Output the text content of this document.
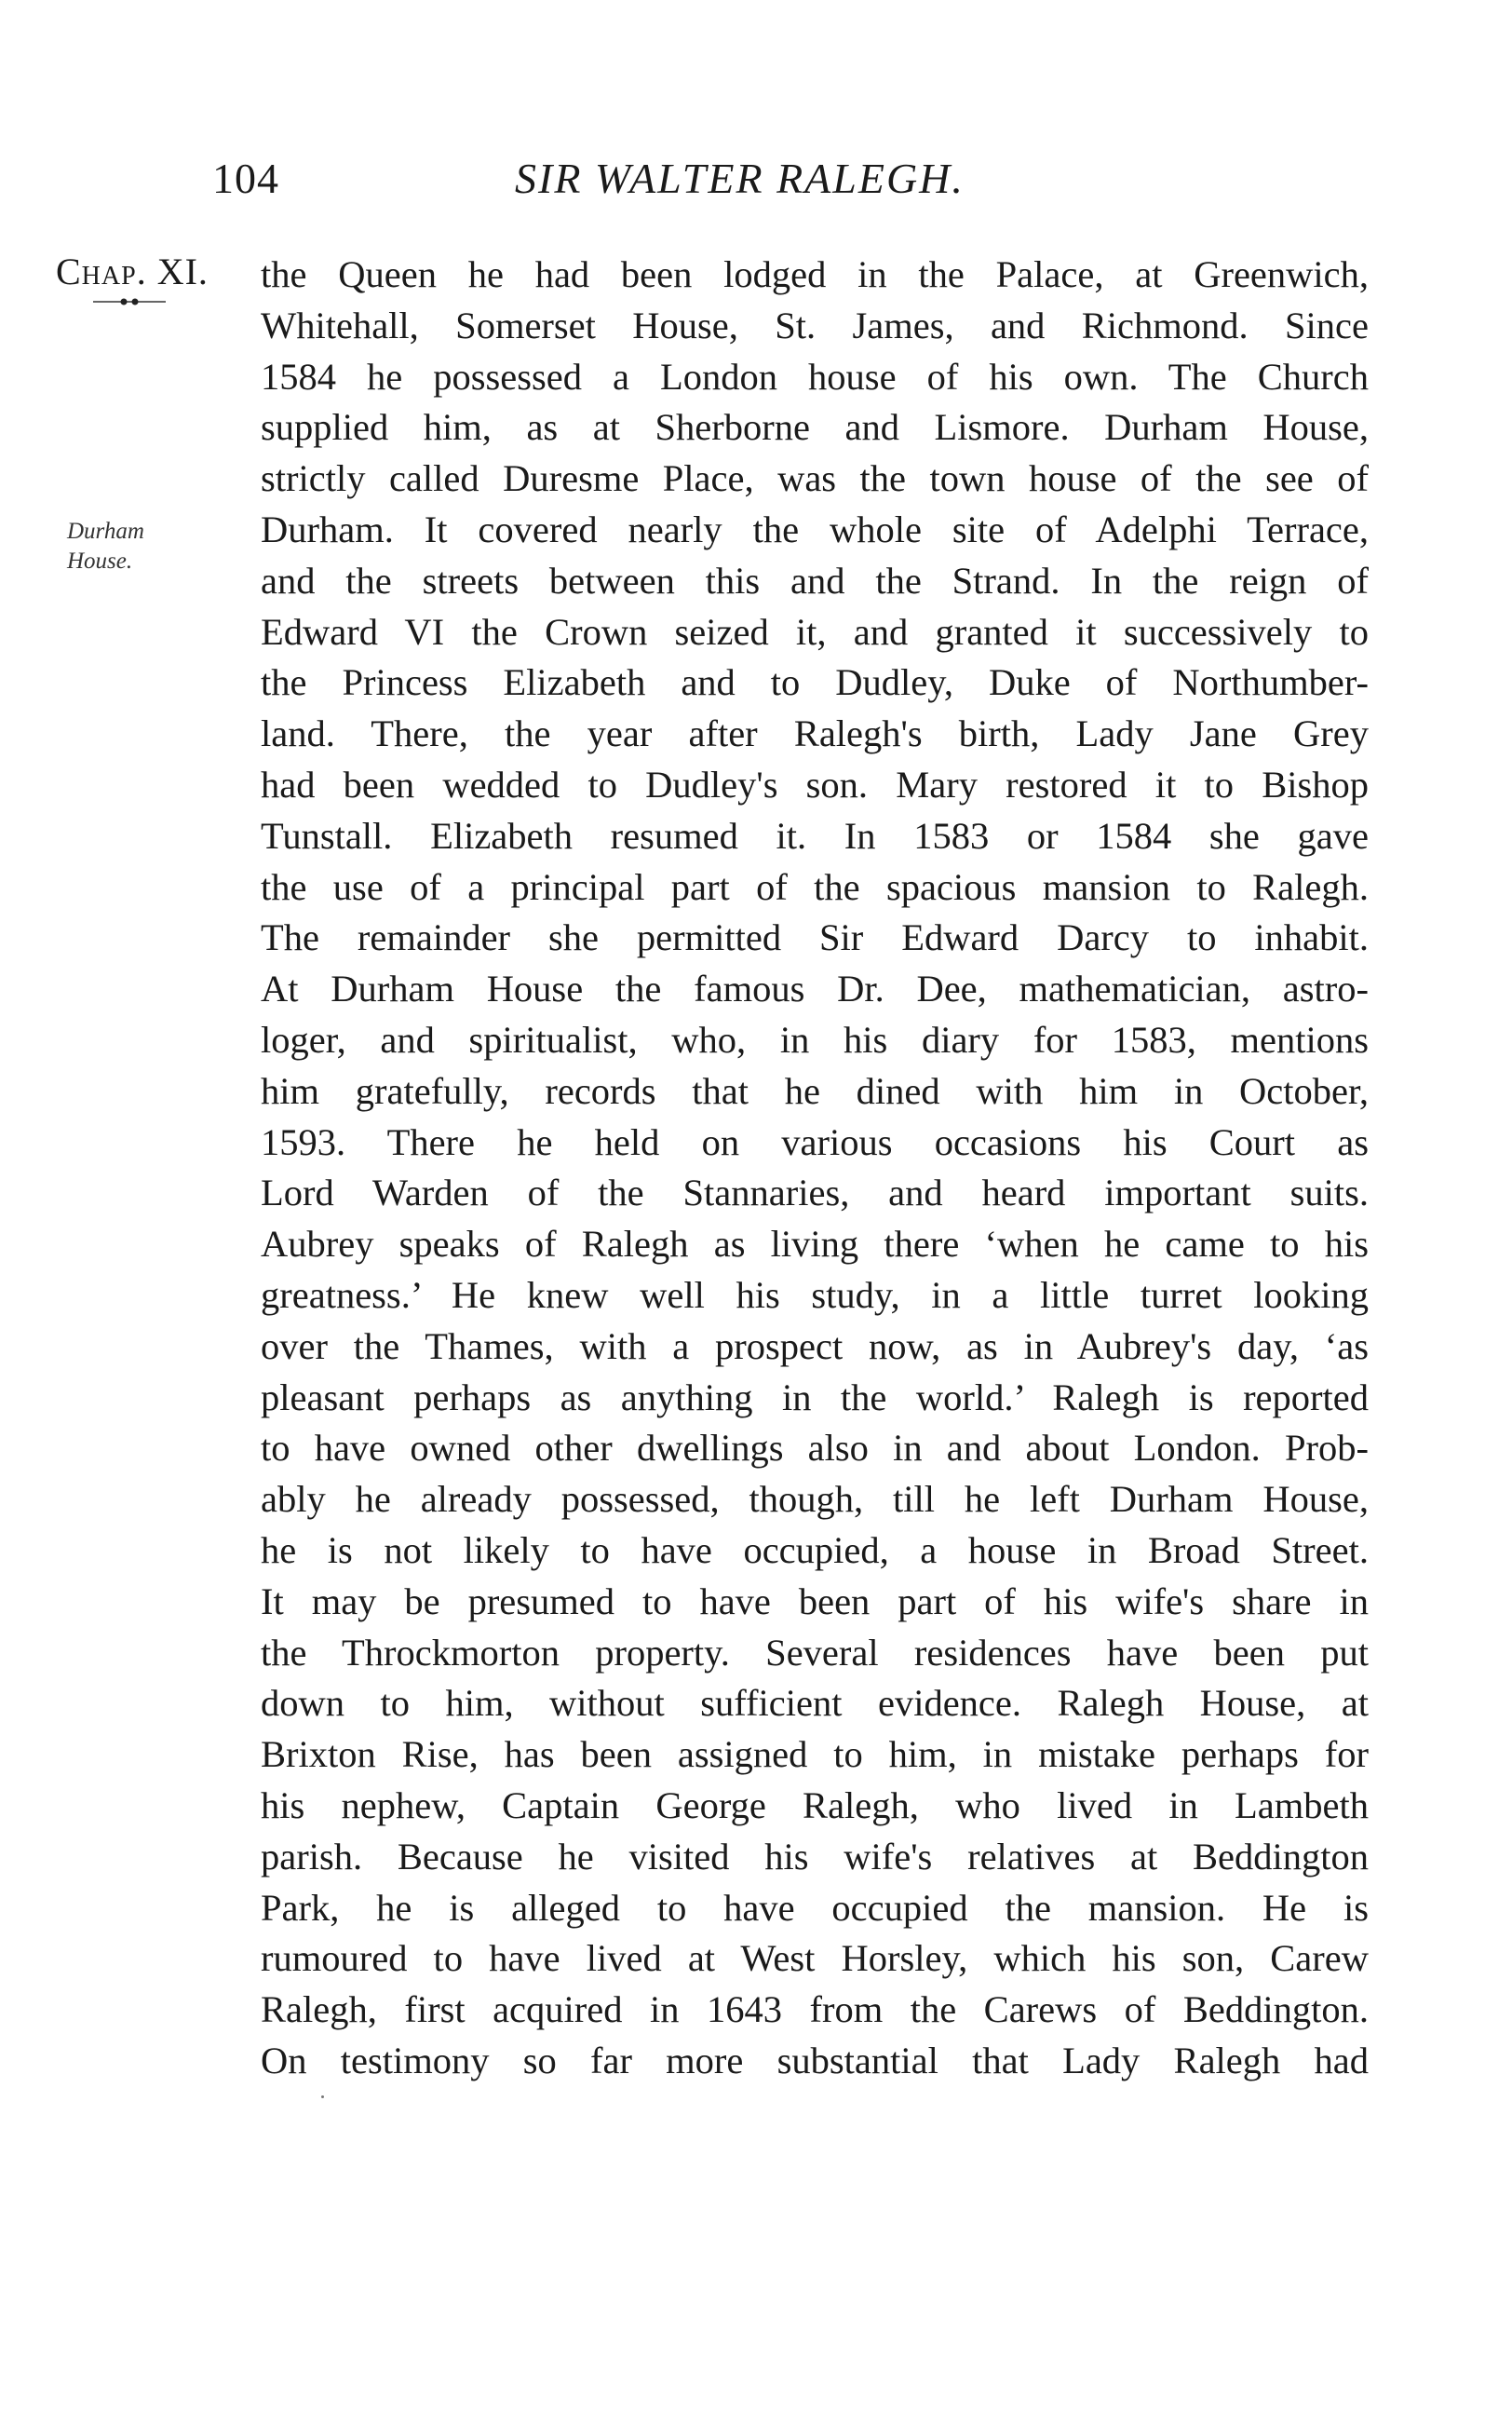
104	SIR WALTER RALEGH.
Chap. XI.
Durham
House.
the Queen he had been lodged in the Palace, at Greenwich,
Whitehall, Somerset House, St. James, and Richmond. Since
1584 he possessed a London house of his own. The Church
supplied him, as at Sherborne and Lismore. Durham House,
strictly called Duresme Place, was the town house of the see of
Durham. It covered nearly the whole site of Adelphi Terrace,
and the streets between this and the Strand. In the reign of
Edward VI the Crown seized it, and granted it successively to
the Princess Elizabeth and to Dudley, Duke of Northumber-
land. There, the year after Ralegh's birth, Lady Jane Grey
had been wedded to Dudley's son. Mary restored it to Bishop
Tunstall. Elizabeth resumed it. In 1583 or 1584 she gave
the use of a principal part of the spacious mansion to Ralegh.
The remainder she permitted Sir Edward Darcy to inhabit.
At Durham House the famous Dr. Dee, mathematician, astro-
loger, and spiritualist, who, in his diary for 1583, mentions
him gratefully, records that he dined with him in October,
1593. There he held on various occasions his Court as
Lord Warden of the Stannaries, and heard important suits.
Aubrey speaks of Ralegh as living there ‘when he came to his
greatness.’ He knew well his study, in a little turret looking
over the Thames, with a prospect now, as in Aubrey's day, ‘as
pleasant perhaps as anything in the world.’ Ralegh is reported
to have owned other dwellings also in and about London. Prob-
ably he already possessed, though, till he left Durham House,
he is not likely to have occupied, a house in Broad Street.
It may be presumed to have been part of his wife's share in
the Throckmorton property. Several residences have been put
down to him, without sufficient evidence. Ralegh House, at
Brixton Rise, has been assigned to him, in mistake perhaps for
his nephew, Captain George Ralegh, who lived in Lambeth
parish. Because he visited his wife's relatives at Beddington
Park, he is alleged to have occupied the mansion. He is
rumoured to have lived at West Horsley, which his son, Carew
Ralegh, first acquired in 1643 from the Carews of Beddington.
On testimony so far more substantial that Lady Ralegh had
